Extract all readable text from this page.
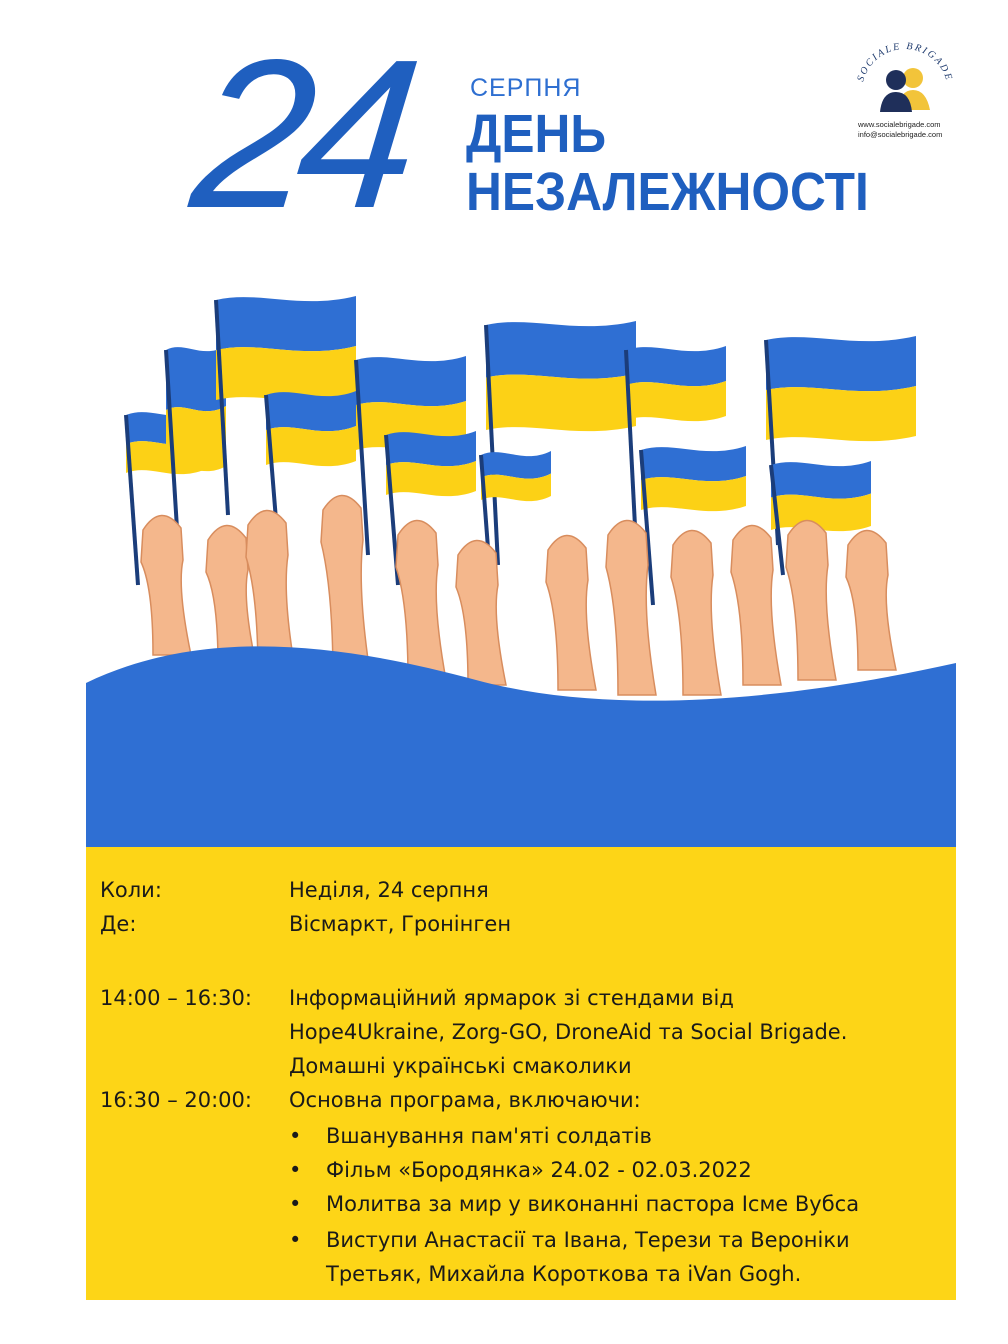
24 СЕРПНЯ
ДЕНЬ
НЕЗАЛЕЖНОСТІ
SOCIALE BRIGADE
www.socialebrigade.com
info@socialebrigade.com
Коли:	Неділя, 24 серпня
Де:	Вісмаркт, Гронінген
14:00 – 16:30: Інформаційний ярмарок зі стендами від
Hope4Ukraine, Zorg-GO, DroneAid та Social Brigade.
Домашні українські смаколики
16:30 – 20:00: Основна програма, включаючи:
• Вшанування пам'яті солдатів
• Фільм «Бородянка» 24.02 - 02.03.2022
• Молитва за мир у виконанні пастора Ісме Вубса
• Виступи Анастасії та Івана, Терези та Вероніки
Третьяк, Михайла Короткова та iVan Gogh.
